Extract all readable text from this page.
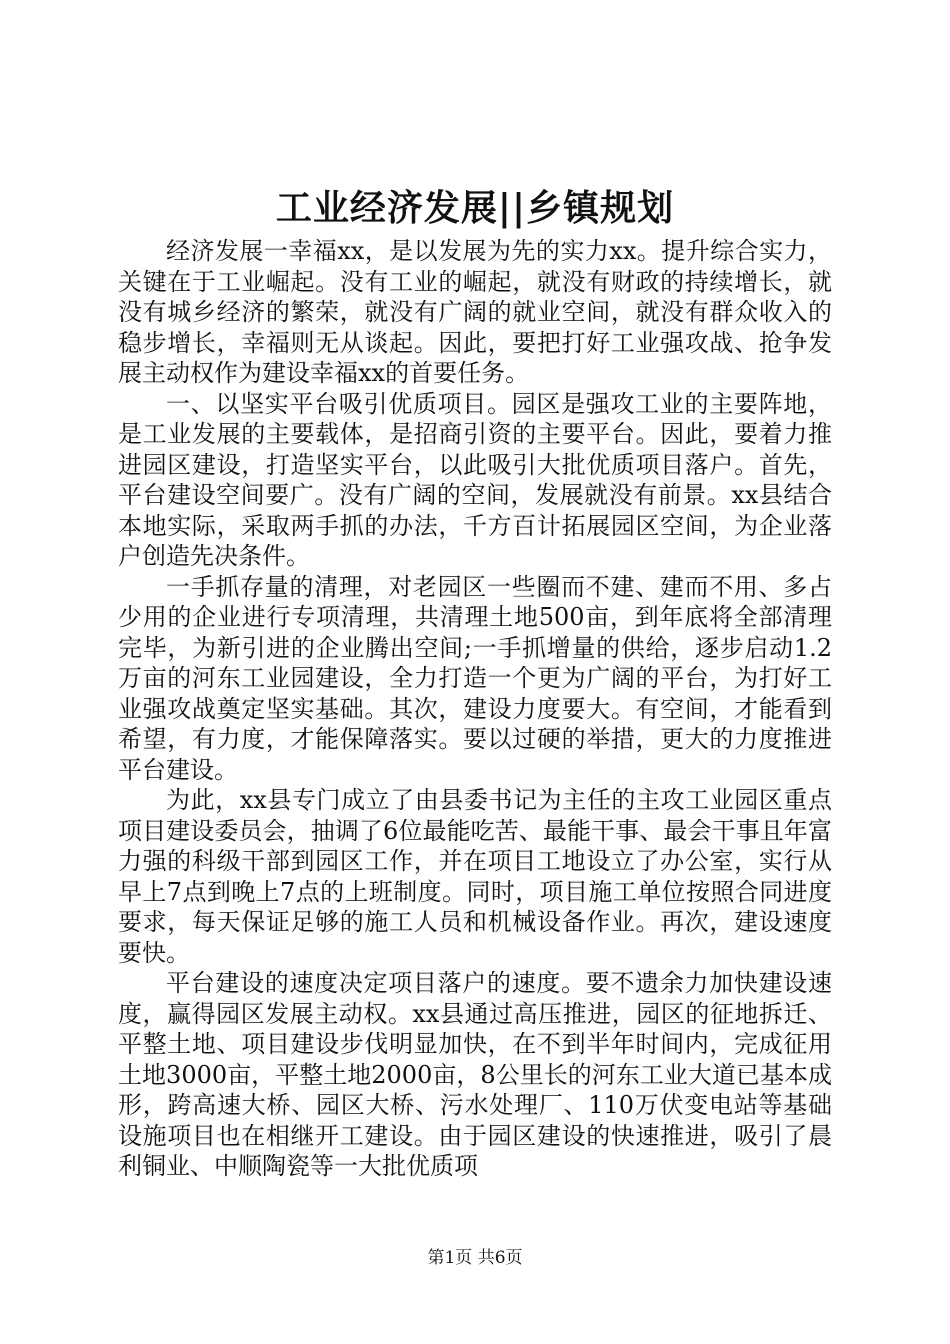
工业经济发展||乡镇规划

经济发展一幸福xx，是以发展为先的实力xx。提升综合实力，关键在于工业崛起。没有工业的崛起，就没有财政的持续增长，就没有城乡经济的繁荣，就没有广阔的就业空间，就没有群众收入的稳步增长，幸福则无从谈起。因此，要把打好工业强攻战、抢争发展主动权作为建设幸福xx的首要任务。

一、以坚实平台吸引优质项目。园区是强攻工业的主要阵地，是工业发展的主要载体，是招商引资的主要平台。因此，要着力推进园区建设，打造坚实平台，以此吸引大批优质项目落户。首先，平台建设空间要广。没有广阔的空间，发展就没有前景。xx县结合本地实际，采取两手抓的办法，千方百计拓展园区空间，为企业落户创造先决条件。

一手抓存量的清理，对老园区一些圈而不建、建而不用、多占少用的企业进行专项清理，共清理土地500亩，到年底将全部清理完毕，为新引进的企业腾出空间;一手抓增量的供给，逐步启动1.2万亩的河东工业园建设，全力打造一个更为广阔的平台，为打好工业强攻战奠定坚实基础。其次，建设力度要大。有空间，才能看到希望，有力度，才能保障落实。要以过硬的举措，更大的力度推进平台建设。

为此，xx县专门成立了由县委书记为主任的主攻工业园区重点项目建设委员会，抽调了6位最能吃苦、最能干事、最会干事且年富力强的科级干部到园区工作，并在项目工地设立了办公室，实行从早上7点到晚上7点的上班制度。同时，项目施工单位按照合同进度要求，每天保证足够的施工人员和机械设备作业。再次，建设速度要快。

平台建设的速度决定项目落户的速度。要不遗余力加快建设速度，赢得园区发展主动权。xx县通过高压推进，园区的征地拆迁、平整土地、项目建设步伐明显加快，在不到半年时间内，完成征用土地3000亩，平整土地2000亩，8公里长的河东工业大道已基本成形，跨高速大桥、园区大桥、污水处理厂、110万伏变电站等基础设施项目也在相继开工建设。由于园区建设的快速推进，吸引了晨利铜业、中顺陶瓷等一大批优质项

第1页 共6页
